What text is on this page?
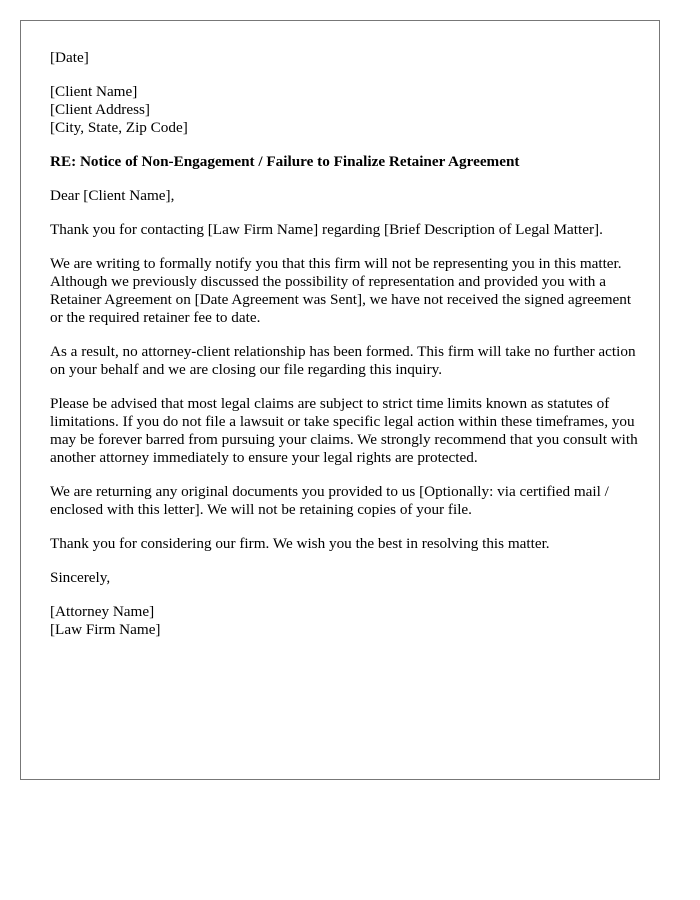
[Date]

[Client Name]
[Client Address]
[City, State, Zip Code]

RE: Notice of Non-Engagement / Failure to Finalize Retainer Agreement

Dear [Client Name],

Thank you for contacting [Law Firm Name] regarding [Brief Description of Legal Matter].

We are writing to formally notify you that this firm will not be representing you in this matter. Although we previously discussed the possibility of representation and provided you with a Retainer Agreement on [Date Agreement was Sent], we have not received the signed agreement or the required retainer fee to date.

As a result, no attorney-client relationship has been formed. This firm will take no further action on your behalf and we are closing our file regarding this inquiry.

Please be advised that most legal claims are subject to strict time limits known as statutes of limitations. If you do not file a lawsuit or take specific legal action within these timeframes, you may be forever barred from pursuing your claims. We strongly recommend that you consult with another attorney immediately to ensure your legal rights are protected.

We are returning any original documents you provided to us [Optionally: via certified mail / enclosed with this letter]. We will not be retaining copies of your file.

Thank you for considering our firm. We wish you the best in resolving this matter.

Sincerely,

[Attorney Name]
[Law Firm Name]
